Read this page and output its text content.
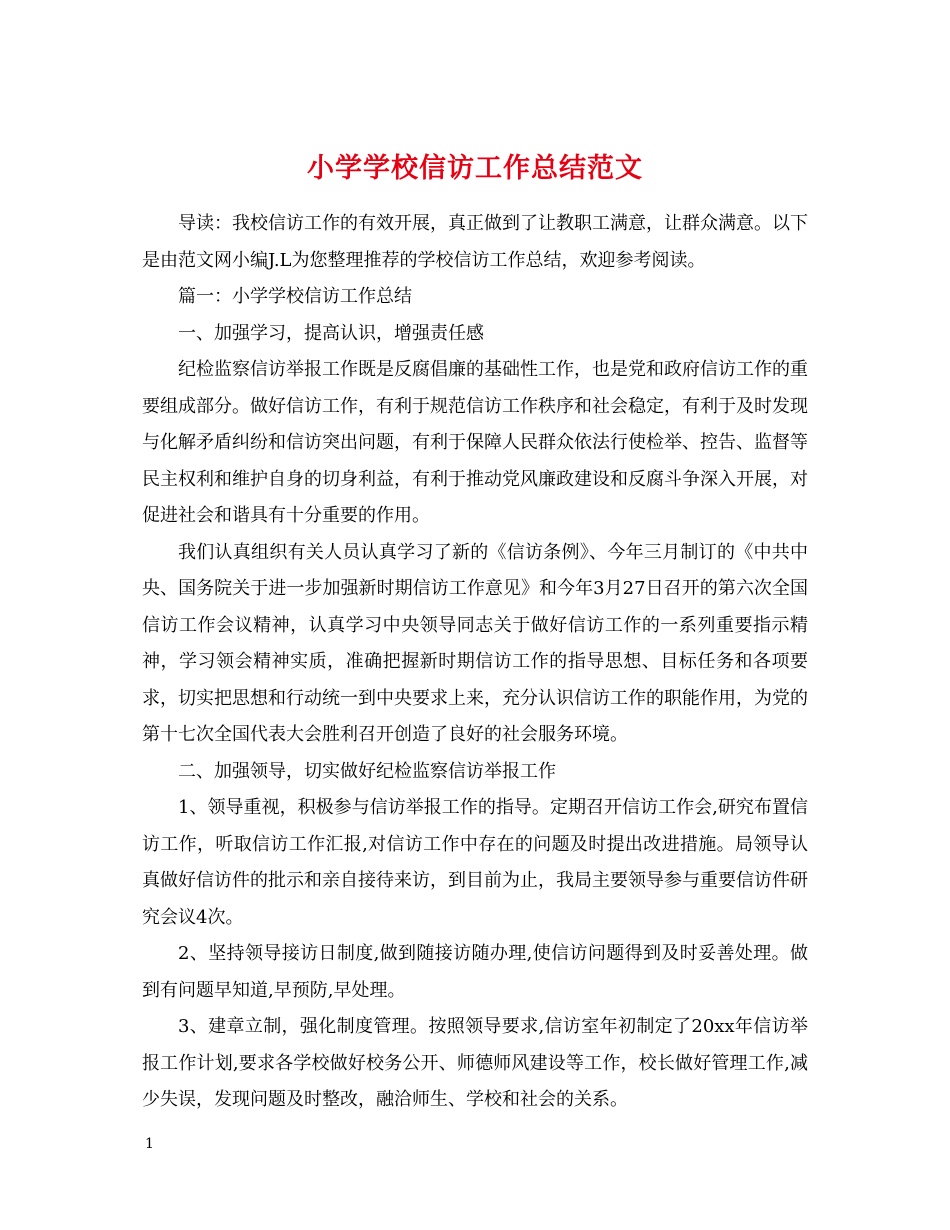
小学学校信访工作总结范文

导读：我校信访工作的有效开展，真正做到了让教职工满意，让群众满意。以下是由范文网小编J.L为您整理推荐的学校信访工作总结，欢迎参考阅读。

篇一：小学学校信访工作总结

一、加强学习，提高认识，增强责任感

纪检监察信访举报工作既是反腐倡廉的基础性工作，也是党和政府信访工作的重要组成部分。做好信访工作，有利于规范信访工作秩序和社会稳定，有利于及时发现与化解矛盾纠纷和信访突出问题，有利于保障人民群众依法行使检举、控告、监督等民主权利和维护自身的切身利益，有利于推动党风廉政建设和反腐斗争深入开展，对促进社会和谐具有十分重要的作用。

我们认真组织有关人员认真学习了新的《信访条例》、今年三月制订的《中共中央、国务院关于进一步加强新时期信访工作意见》和今年3月27日召开的第六次全国信访工作会议精神，认真学习中央领导同志关于做好信访工作的一系列重要指示精神，学习领会精神实质，准确把握新时期信访工作的指导思想、目标任务和各项要求，切实把思想和行动统一到中央要求上来，充分认识信访工作的职能作用，为党的第十七次全国代表大会胜利召开创造了良好的社会服务环境。

二、加强领导，切实做好纪检监察信访举报工作

1、领导重视，积极参与信访举报工作的指导。定期召开信访工作会,研究布置信访工作，听取信访工作汇报,对信访工作中存在的问题及时提出改进措施。局领导认真做好信访件的批示和亲自接待来访，到目前为止，我局主要领导参与重要信访件研究会议4次。

2、坚持领导接访日制度,做到随接访随办理,使信访问题得到及时妥善处理。做到有问题早知道,早预防,早处理。

3、建章立制，强化制度管理。按照领导要求,信访室年初制定了20xx年信访举报工作计划,要求各学校做好校务公开、师德师风建设等工作，校长做好管理工作,减少失误，发现问题及时整改，融洽师生、学校和社会的关系。

1
